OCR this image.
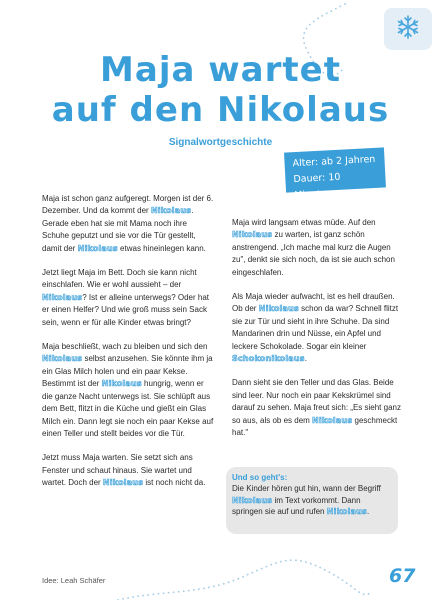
Maja wartet
auf den Nikolaus
Signalwortgeschichte
Alter: ab 2 Jahren
Dauer: 10 Minuten

Maja ist schon ganz aufgeregt. Morgen ist der 6. Dezember. Und da kommt der Nikolaus. Gerade eben hat sie mit Mama noch ihre Schuhe geputzt und sie vor die Tür gestellt, damit der Nikolaus etwas hineinlegen kann.

Jetzt liegt Maja im Bett. Doch sie kann nicht einschlafen. Wie er wohl aussieht – der Nikolaus? Ist er alleine unterwegs? Oder hat er einen Helfer? Und wie groß muss sein Sack sein, wenn er für alle Kinder etwas bringt?

Maja beschließt, wach zu bleiben und sich den Nikolaus selbst anzusehen. Sie könnte ihm ja ein Glas Milch holen und ein paar Kekse. Bestimmt ist der Nikolaus hungrig, wenn er die ganze Nacht unterwegs ist. Sie schlüpft aus dem Bett, flitzt in die Küche und gießt ein Glas Milch ein. Dann legt sie noch ein paar Kekse auf einen Teller und stellt beides vor die Tür.

Jetzt muss Maja warten. Sie setzt sich ans Fenster und schaut hinaus. Sie wartet und wartet. Doch der Nikolaus ist noch nicht da.

Maja wird langsam etwas müde. Auf den Nikolaus zu warten, ist ganz schön anstrengend. „Ich mache mal kurz die Augen zu", denkt sie sich noch, da ist sie auch schon eingeschlafen.

Als Maja wieder aufwacht, ist es hell draußen. Ob der Nikolaus schon da war? Schnell flitzt sie zur Tür und sieht in ihre Schuhe. Da sind Mandarinen drin und Nüsse, ein Apfel und leckere Schokolade. Sogar ein kleiner Schokonikolaus.

Dann sieht sie den Teller und das Glas. Beide sind leer. Nur noch ein paar Kekskrümel sind darauf zu sehen. Maja freut sich: „Es sieht ganz so aus, als ob es dem Nikolaus geschmeckt hat."

Und so geht's:
Die Kinder hören gut hin, wann der Begriff Nikolaus im Text vorkommt. Dann springen sie auf und rufen Nikolaus.
Idee: Leah Schäfer	67
